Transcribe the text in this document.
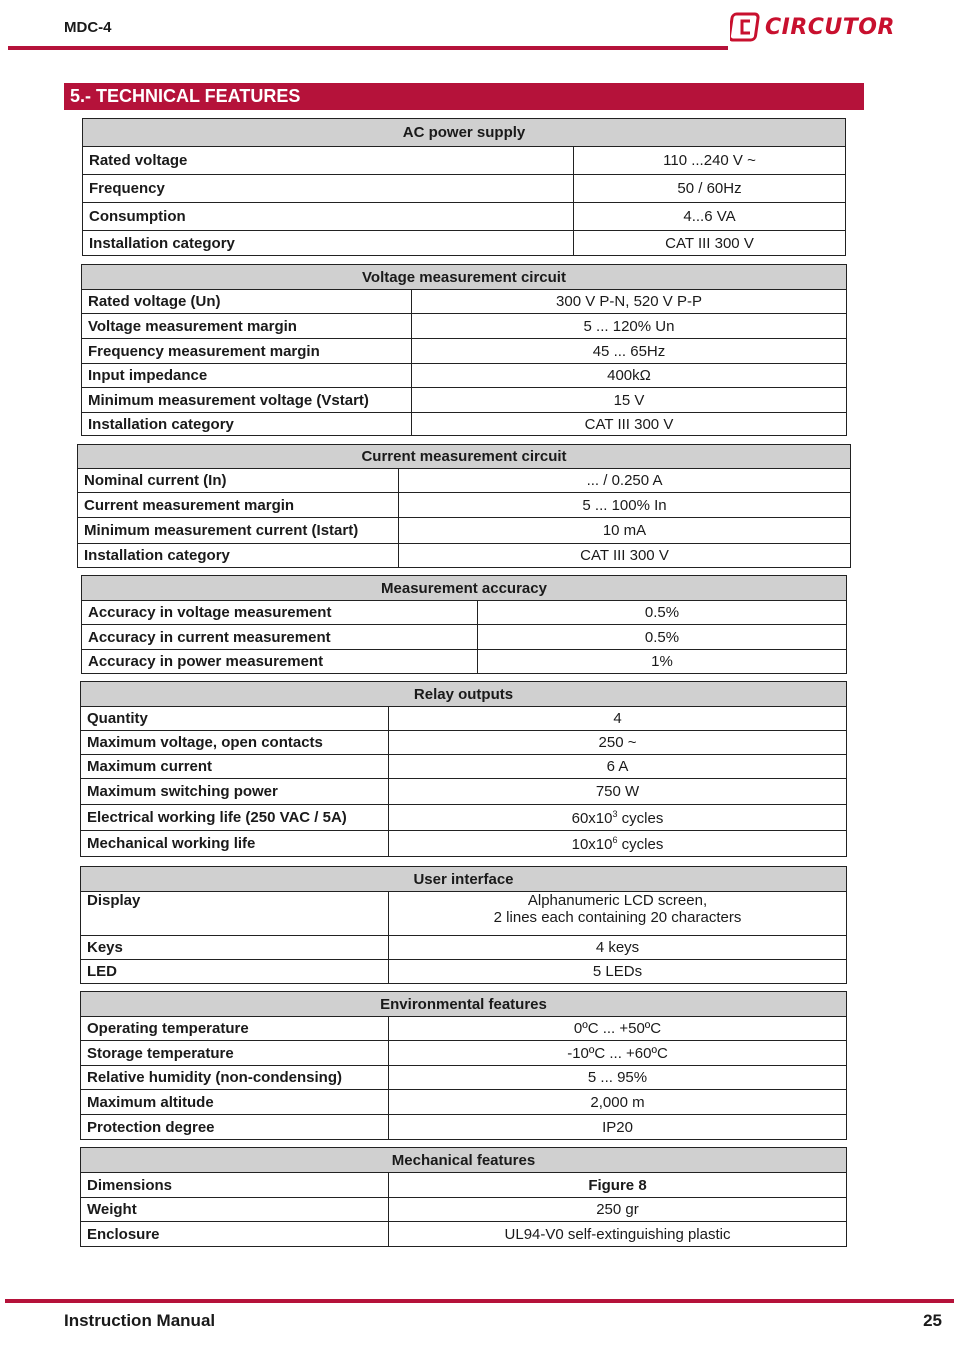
MDC-4	CIRCUTOR
5.- TECHNICAL FEATURES
AC power supply	
Rated voltage	110 ...240 V ~
Frequency	50 / 60Hz
Consumption	4...6 VA
Installation category	CAT III 300 V
Voltage measurement circuit	
Rated voltage (Un)	300 V P-N, 520 V P-P
Voltage measurement margin	5 ... 120% Un
Frequency measurement margin	45 ... 65Hz
Input impedance	400kΩ
Minimum measurement voltage (Vstart)	15 V
Installation category	CAT III 300 V
Current measurement circuit	
Nominal current (In)	... / 0.250 A
Current measurement margin	5 ... 100% In
Minimum measurement current (Istart)	10 mA
Installation category	CAT III 300 V
Measurement accuracy	
Accuracy in voltage measurement	0.5%
Accuracy in current measurement	0.5%
Accuracy in power measurement	1%
Relay outputs	
Quantity	4
Maximum voltage, open contacts	250 ~
Maximum current	6 A
Maximum switching power	750 W
Electrical working life (250 VAC / 5A)	$60x10^3$ cycles
Mechanical working life	$10x10^6$ cycles
User interface	
Display	Alphanumeric LCD screen,
2 lines each containing 20 characters

Keys	4 keys
LED	5 LEDs
Environmental features	
Operating temperature	0ºC ... +50ºC
Storage temperature	-10ºC ... +60ºC
Relative humidity (non-condensing)	5 ... 95%
Maximum altitude	2,000 m
Protection degree	IP20
Mechanical features	
Dimensions	Figure 8
Weight	250 gr
Enclosure	UL94-V0 self-extinguishing plastic
Instruction Manual	25
